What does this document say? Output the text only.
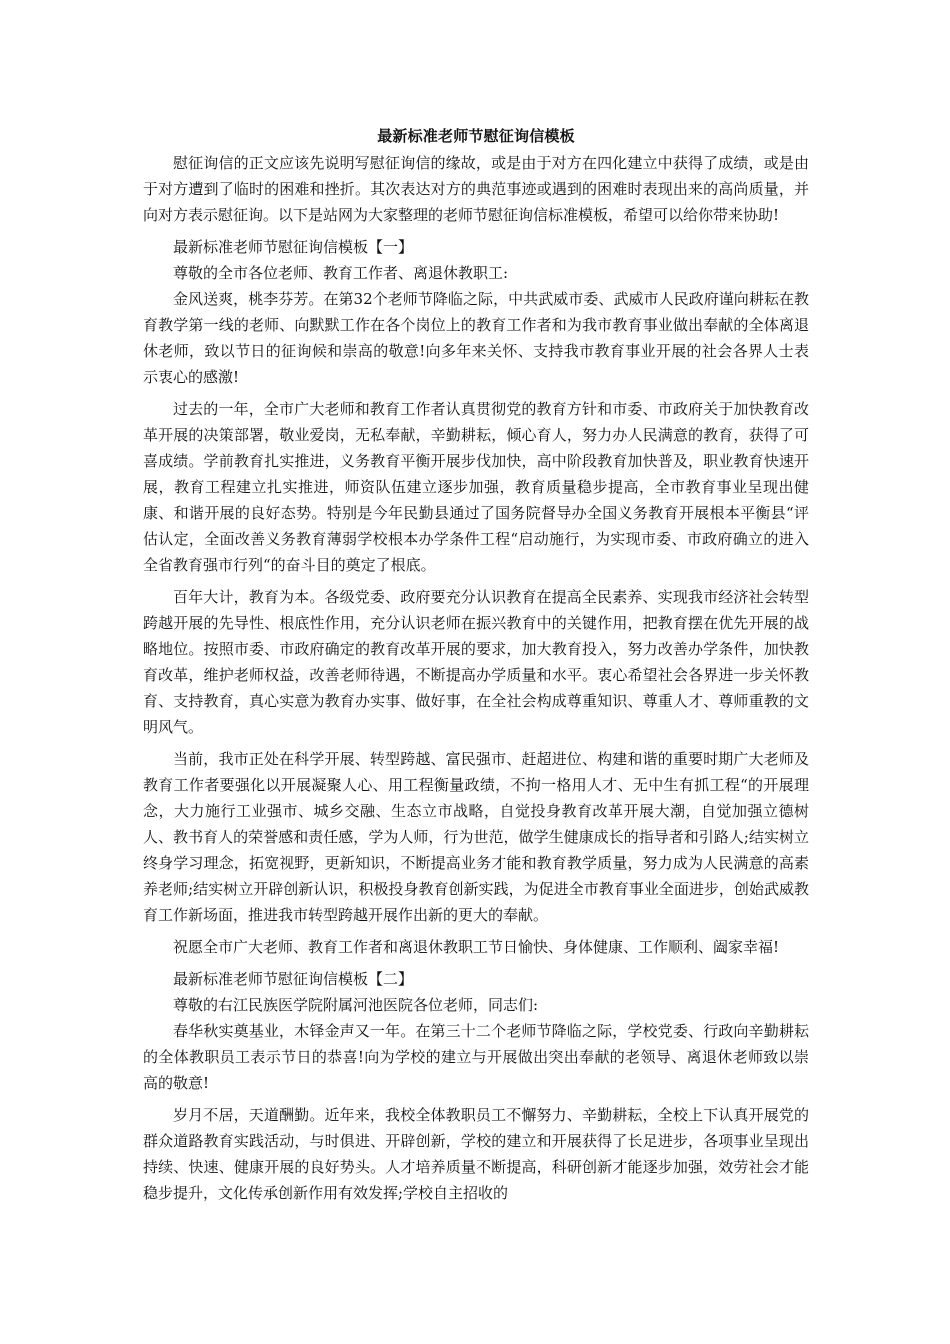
最新标准老师节慰征询信模板

慰征询信的正文应该先说明写慰征询信的缘故，或是由于对方在四化建立中获得了成绩，或是由于对方遭到了临时的困难和挫折。其次表达对方的典范事迹或遇到的困难时表现出来的高尚质量，并向对方表示慰征询。以下是站网为大家整理的老师节慰征询信标准模板，希望可以给你带来协助!

最新标准老师节慰征询信模板【一】

尊敬的全市各位老师、教育工作者、离退休教职工:

金风送爽，桃李芬芳。在第32个老师节降临之际，中共武威市委、武威市人民政府谨向耕耘在教育教学第一线的老师、向默默工作在各个岗位上的教育工作者和为我市教育事业做出奉献的全体离退休老师，致以节日的征询候和崇高的敬意!向多年来关怀、支持我市教育事业开展的社会各界人士表示衷心的感激!

过去的一年，全市广大老师和教育工作者认真贯彻党的教育方针和市委、市政府关于加快教育改革开展的决策部署，敬业爱岗，无私奉献，辛勤耕耘，倾心育人，努力办人民满意的教育，获得了可喜成绩。学前教育扎实推进，义务教育平衡开展步伐加快，高中阶段教育加快普及，职业教育快速开展，教育工程建立扎实推进，师资队伍建立逐步加强，教育质量稳步提高，全市教育事业呈现出健康、和谐开展的良好态势。特别是今年民勤县通过了国务院督导办全国义务教育开展根本平衡县“评估认定，全面改善义务教育薄弱学校根本办学条件工程“启动施行，为实现市委、市政府确立的进入全省教育强市行列“的奋斗目的奠定了根底。

百年大计，教育为本。各级党委、政府要充分认识教育在提高全民素养、实现我市经济社会转型跨越开展的先导性、根底性作用，充分认识老师在振兴教育中的关键作用，把教育摆在优先开展的战略地位。按照市委、市政府确定的教育改革开展的要求，加大教育投入，努力改善办学条件，加快教育改革，维护老师权益，改善老师待遇，不断提高办学质量和水平。衷心希望社会各界进一步关怀教育、支持教育，真心实意为教育办实事、做好事，在全社会构成尊重知识、尊重人才、尊师重教的文明风气。

当前，我市正处在科学开展、转型跨越、富民强市、赶超进位、构建和谐的重要时期广大老师及教育工作者要强化以开展凝聚人心、用工程衡量政绩，不拘一格用人才、无中生有抓工程“的开展理念，大力施行工业强市、城乡交融、生态立市战略，自觉投身教育改革开展大潮，自觉加强立德树人、教书育人的荣誉感和责任感，学为人师，行为世范，做学生健康成长的指导者和引路人;结实树立终身学习理念，拓宽视野，更新知识，不断提高业务才能和教育教学质量，努力成为人民满意的高素养老师;结实树立开辟创新认识，积极投身教育创新实践，为促进全市教育事业全面进步，创始武威教育工作新场面，推进我市转型跨越开展作出新的更大的奉献。

祝愿全市广大老师、教育工作者和离退休教职工节日愉快、身体健康、工作顺利、阖家幸福!

最新标准老师节慰征询信模板【二】

尊敬的右江民族医学院附属河池医院各位老师，同志们:

春华秋实奠基业，木铎金声又一年。在第三十二个老师节降临之际，学校党委、行政向辛勤耕耘的全体教职员工表示节日的恭喜!向为学校的建立与开展做出突出奉献的老领导、离退休老师致以崇高的敬意!

岁月不居，天道酬勤。近年来，我校全体教职员工不懈努力、辛勤耕耘，全校上下认真开展党的群众道路教育实践活动，与时俱进、开辟创新，学校的建立和开展获得了长足进步，各项事业呈现出持续、快速、健康开展的良好势头。人才培养质量不断提高，科研创新才能逐步加强，效劳社会才能稳步提升，文化传承创新作用有效发挥;学校自主招收的
